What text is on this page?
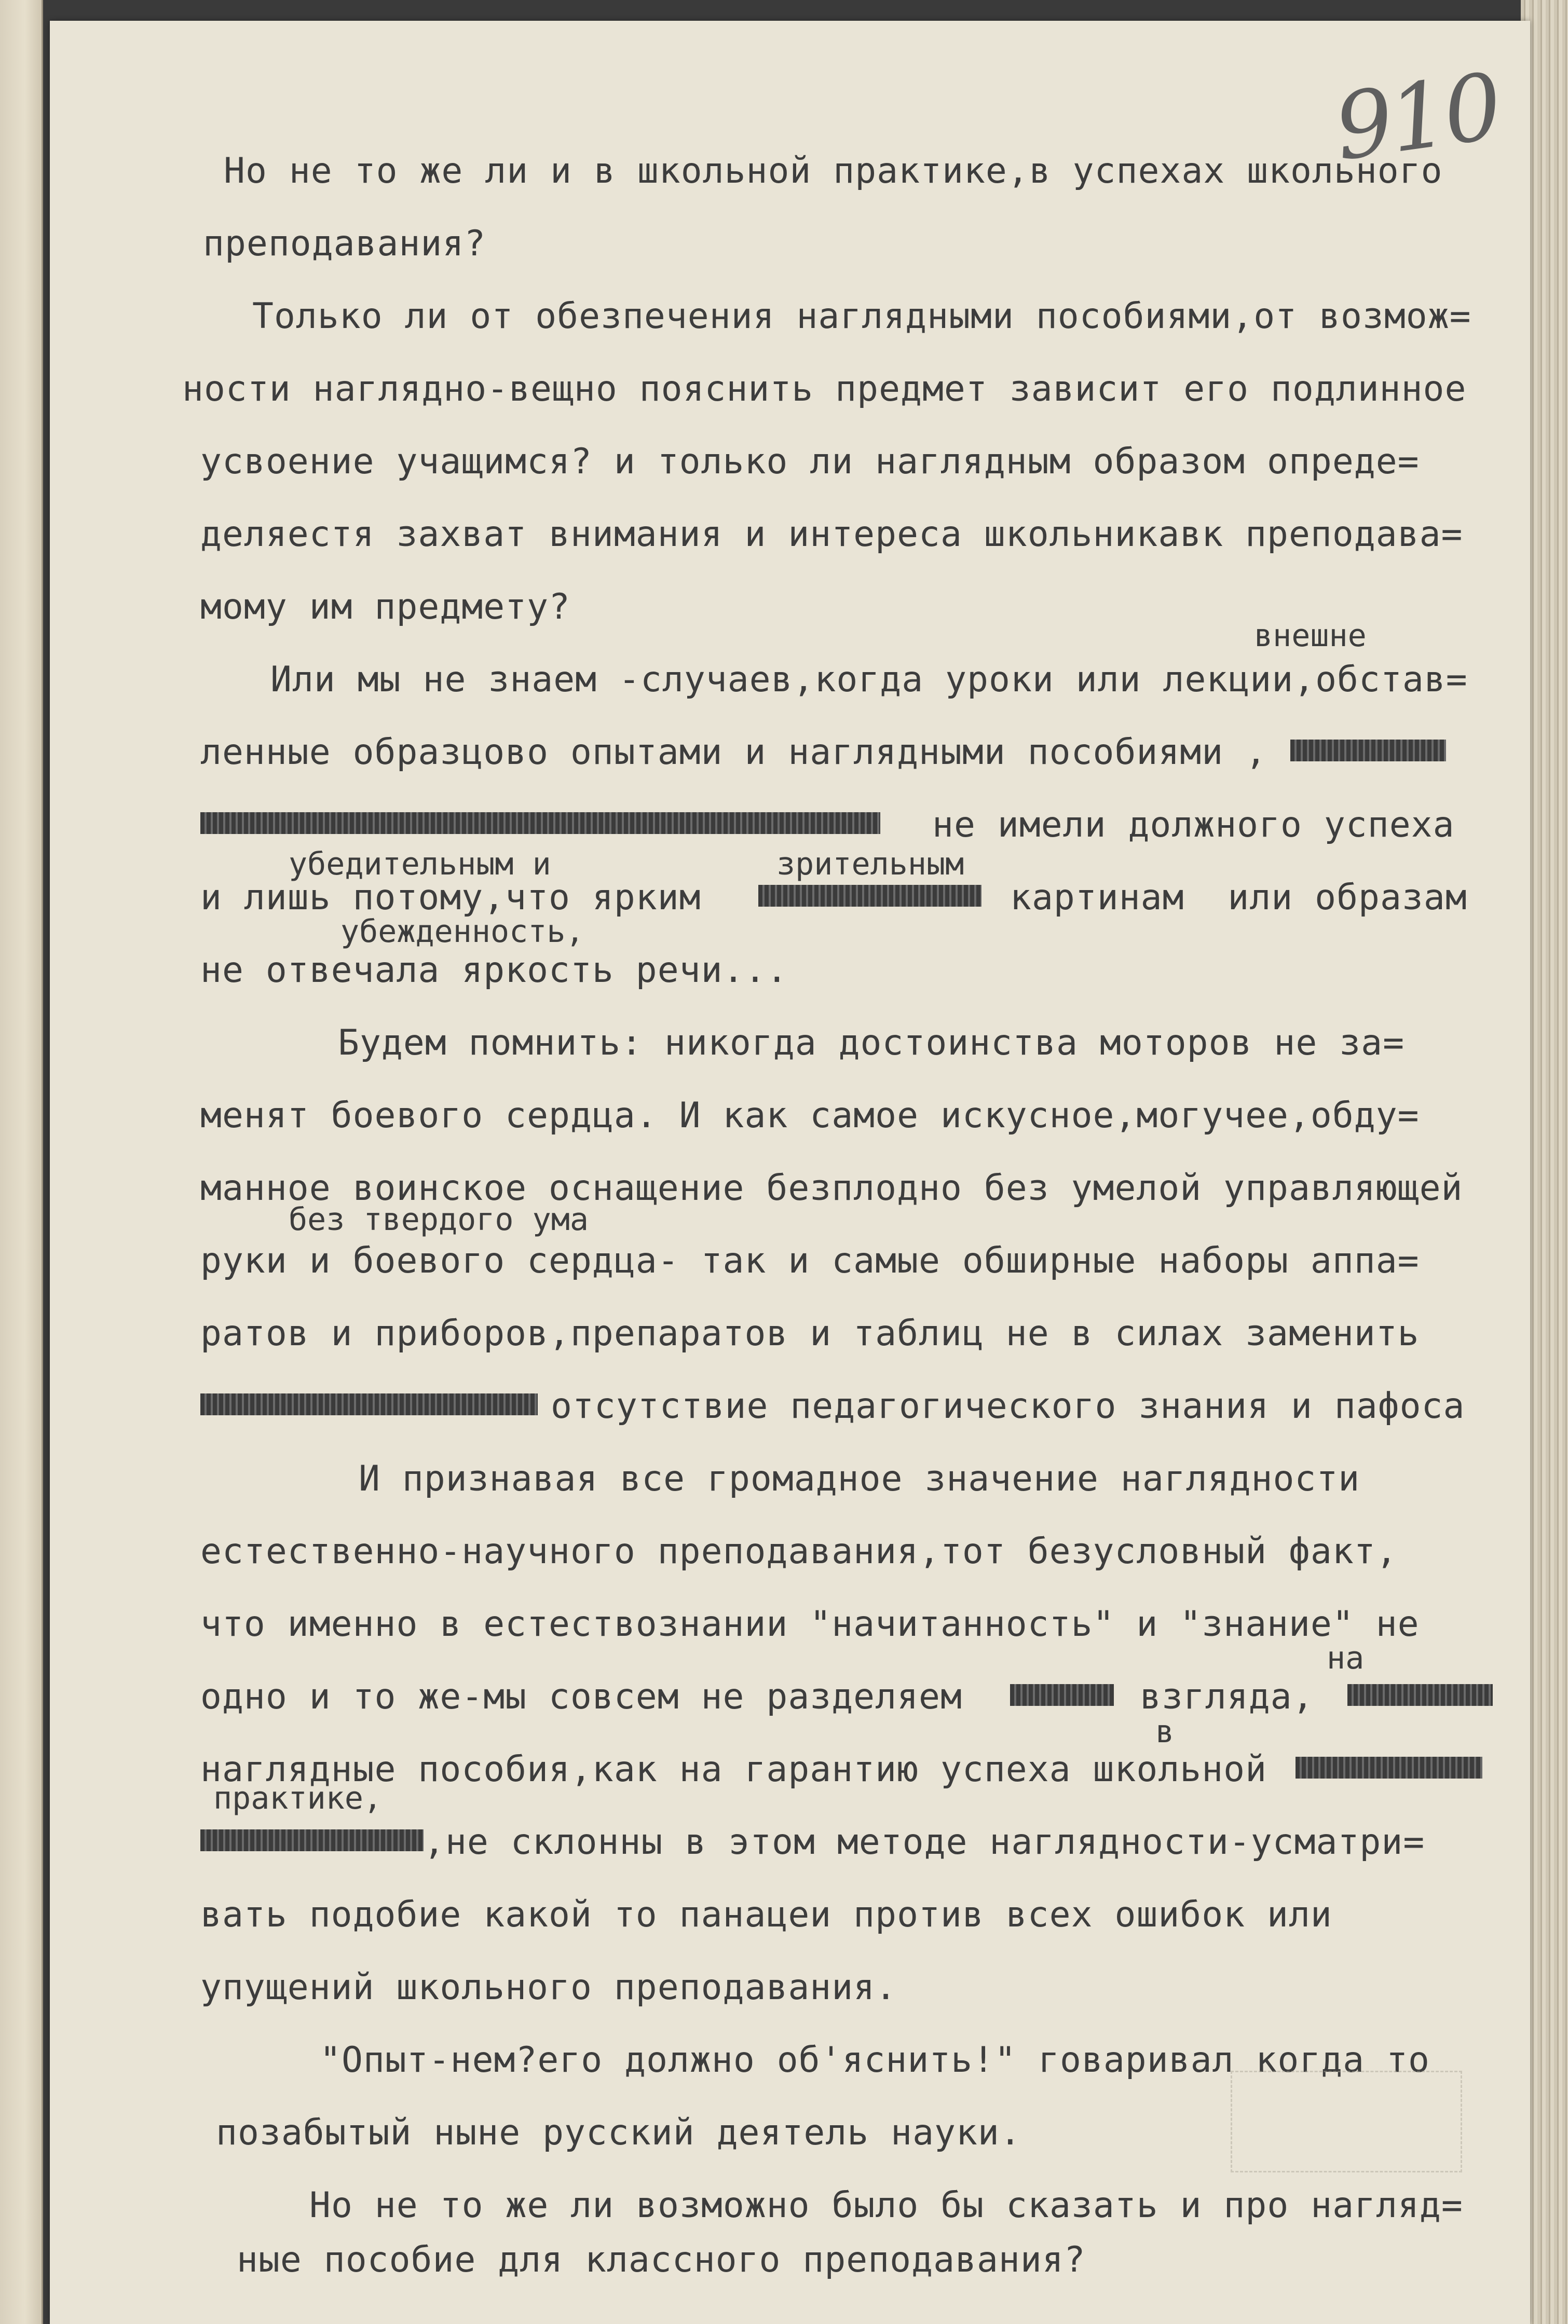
910
Но не то же ли и в школьной практике,в успехах школьного
преподавания?
Только ли от обезпечения наглядными пособиями,от возмож=
ности наглядно-вещно пояснить предмет зависит его подлинное
усвоение учащимся? и только ли наглядным образом опреде=
деляестя захват внимания и интереса школьникавк преподава=
мому им предмету?
внешне
Или мы не знаем -случаев,когда уроки или лекции,обстав=
ленные образцово опытами и наглядными пособиями ,
не имели должного успеха
убедительным и	зрительным
и лишь потому,что ярким	картинам  или образам
убежденность,
не отвечала яркость речи...
Будем помнить: никогда достоинства моторов не за=
менят боевого сердца. И как самое искусное,могучее,обду=
манное воинское оснащение безплодно без умелой управляющей
без твердого ума
руки и боевого сердца- так и самые обширные наборы аппа=
ратов и приборов,препаратов и таблиц не в силах заменить
отсутствие педагогического знания и пафоса
И признавая все громадное значение наглядности
естественно-научного преподавания,тот безусловный факт,
что именно в естествознании "начитанность" и "знание" не
на
одно и то же-мы совсем не разделяем	взгляда,
в
наглядные пособия,как на гарантию успеха школьной
практике,
,не склонны в этом методе наглядности-усматри=
вать подобие какой то панацеи против всех ошибок или
упущений школьного преподавания.
"Опыт-нем?его должно об'яснить!" говаривал когда то
позабытый ныне русский деятель науки.
Но не то же ли возможно было бы сказать и про нагляд=
ные пособие для классного преподавания?
